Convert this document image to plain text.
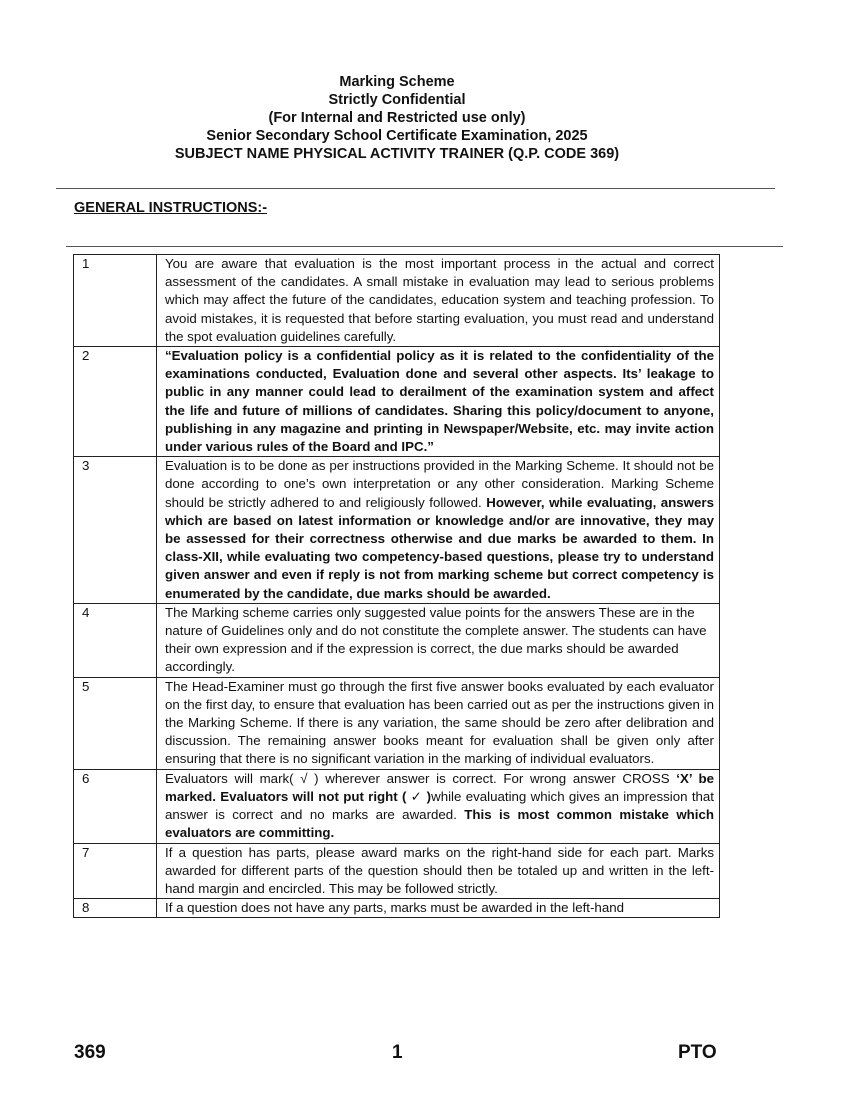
Marking Scheme
Strictly Confidential
(For Internal and Restricted use only)
Senior Secondary School Certificate Examination, 2025
SUBJECT NAME PHYSICAL ACTIVITY TRAINER (Q.P. CODE 369)
GENERAL INSTRUCTIONS:-
1	You are aware that evaluation is the most important process in the actual and correct assessment of the candidates. A small mistake in evaluation may lead to serious problems which may affect the future of the candidates, education system and teaching profession. To avoid mistakes, it is requested that before starting evaluation, you must read and understand the spot evaluation guidelines carefully.
2	“Evaluation policy is a confidential policy as it is related to the confidentiality of the examinations conducted, Evaluation done and several other aspects. Its’ leakage to public in any manner could lead to derailment of the examination system and affect the life and future of millions of candidates. Sharing this policy/document to anyone, publishing in any magazine and printing in Newspaper/Website, etc. may invite action under various rules of the Board and IPC.”
3	Evaluation is to be done as per instructions provided in the Marking Scheme. It should not be done according to one’s own interpretation or any other consideration. Marking Scheme should be strictly adhered to and religiously followed. However, while evaluating, answers which are based on latest information or knowledge and/or are innovative, they may be assessed for their correctness otherwise and due marks be awarded to them. In class-XII, while evaluating two competency-based questions, please try to understand given answer and even if reply is not from marking scheme but correct competency is enumerated by the candidate, due marks should be awarded.
4	The Marking scheme carries only suggested value points for the answers These are in the nature of Guidelines only and do not constitute the complete answer. The students can have their own expression and if the expression is correct, the due marks should be awarded accordingly.
5	The Head-Examiner must go through the first five answer books evaluated by each evaluator on the first day, to ensure that evaluation has been carried out as per the instructions given in the Marking Scheme. If there is any variation, the same should be zero after delibration and discussion. The remaining answer books meant for evaluation shall be given only after ensuring that there is no significant variation in the marking of individual evaluators.
6	Evaluators will mark( √ ) wherever answer is correct. For wrong answer CROSS ‘X’ be marked. Evaluators will not put right ( ✓ )while evaluating which gives an impression that answer is correct and no marks are awarded. This is most common mistake which evaluators are committing.
7	If a question has parts, please award marks on the right-hand side for each part. Marks awarded for different parts of the question should then be totaled up and written in the left-hand margin and encircled. This may be followed strictly.
8	If a question does not have any parts, marks must be awarded in the left-hand
369	1	PTO
